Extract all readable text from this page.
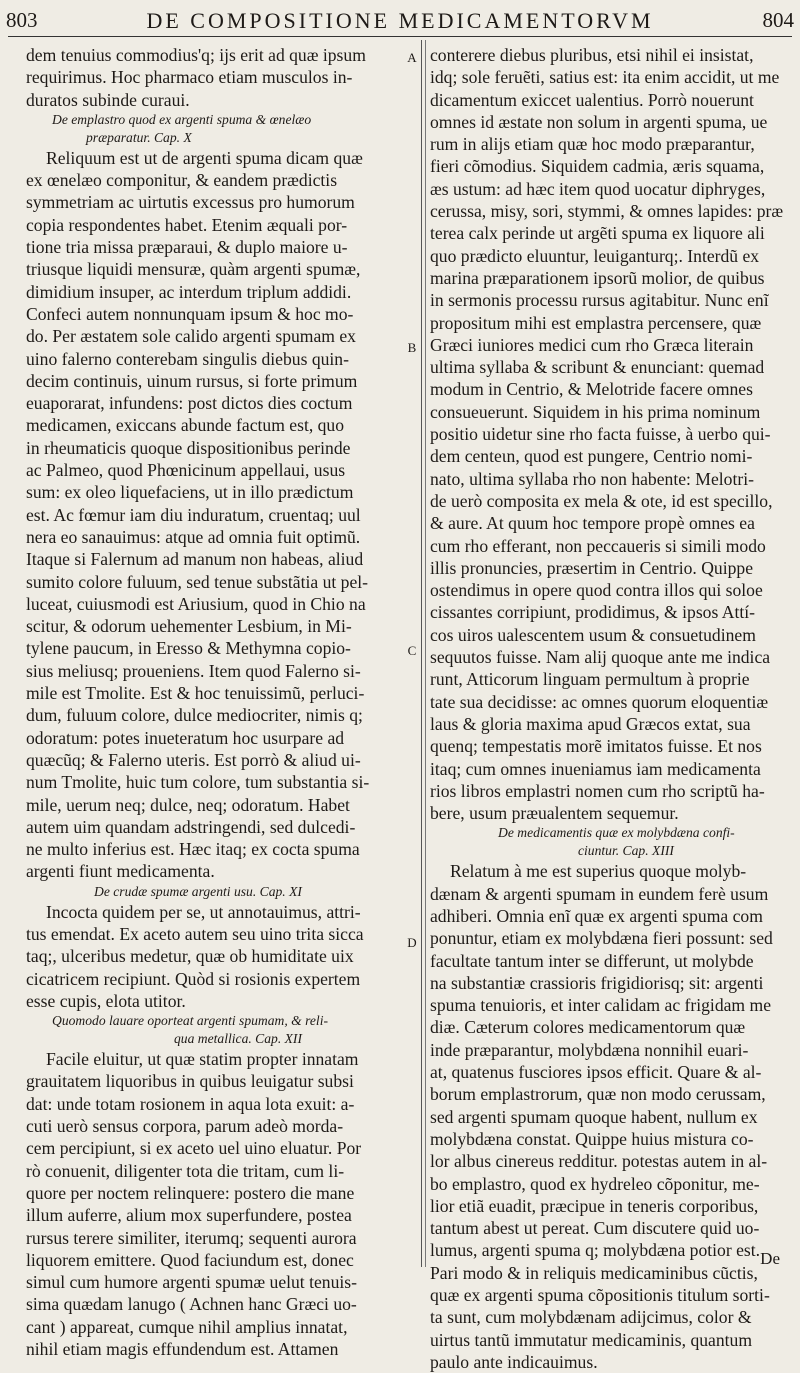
803	DE COMPOSITIONE MEDICAMENTORVM	804
dem tenuius commodius'q; ijs erit ad quæ ipsum
requirimus. Hoc pharmaco etiam musculos in-
duratos subinde curaui.
De emplastro quod ex argenti spuma & œnelæo
præparatur. Cap. X
Reliquum est ut de argenti spuma dicam quæ
ex œnelæo componitur, & eandem prædictis
symmetriam ac uirtutis excessus pro humorum
copia respondentes habet. Etenim æquali por-
tione tria missa præparaui, & duplo maiore u-
triusque liquidi mensuræ, quàm argenti spumæ,
dimidium insuper, ac interdum triplum addidi.
Confeci autem nonnunquam ipsum & hoc mo-
do. Per æstatem sole calido argenti spumam ex
uino falerno conterebam singulis diebus quin-
decim continuis, uinum rursus, si forte primum
euaporarat, infundens: post dictos dies coctum
medicamen, exiccans abunde factum est, quo
in rheumaticis quoque dispositionibus perinde
ac Palmeo, quod Phœnicinum appellaui, usus
sum: ex oleo liquefaciens, ut in illo prædictum
est. Ac fœmur iam diu induratum, cruentaq; uul
nera eo sanauimus: atque ad omnia fuit optimũ.
Itaque si Falernum ad manum non habeas, aliud
sumito colore fuluum, sed tenue substãtia ut pel-
luceat, cuiusmodi est Ariusium, quod in Chio na
scitur, & odorum uehementer Lesbium, in Mi-
tylene paucum, in Eresso & Methymna copio-
sius meliusq; proueniens. Item quod Falerno si-
mile est Tmolite. Est & hoc tenuissimũ, perluci-
dum, fuluum colore, dulce mediocriter, nimis q;
odoratum: potes inueteratum hoc usurpare ad
quæcũq; & Falerno uteris. Est porrò & aliud ui-
num Tmolite, huic tum colore, tum substantia si-
mile, uerum neq; dulce, neq; odoratum. Habet
autem uim quandam adstringendi, sed dulcedi-
ne multo inferius est. Hæc itaq; ex cocta spuma
argenti fiunt medicamenta.
De crudæ spumæ argenti usu. Cap. XI
Incocta quidem per se, ut annotauimus, attri-
tus emendat. Ex aceto autem seu uino trita sicca
taq;, ulceribus medetur, quæ ob humiditate uix
cicatricem recipiunt. Quòd si rosionis expertem
esse cupis, elota utitor.
Quomodo lauare oporteat argenti spumam, & reli-
qua metallica. Cap. XII
Facile eluitur, ut quæ statim propter innatam
grauitatem liquoribus in quibus leuigatur subsi
dat: unde totam rosionem in aqua lota exuit: a-
cuti uerò sensus corpora, parum adeò morda-
cem percipiunt, si ex aceto uel uino eluatur. Por
rò conuenit, diligenter tota die tritam, cum li-
quore per noctem relinquere: postero die mane
illum auferre, alium mox superfundere, postea
rursus terere similiter, iterumq; sequenti aurora
liquorem emittere. Quod faciundum est, donec
simul cum humore argenti spumæ uelut tenuis-
sima quædam lanugo ( Achnen hanc Græci uo-
cant ) appareat, cumque nihil amplius innatat,
nihil etiam magis effundendum est. Attamen
conterere diebus pluribus, etsi nihil ei insistat,
idq; sole feruẽti, satius est: ita enim accidit, ut me
dicamentum exiccet ualentius. Porrò nouerunt
omnes id æstate non solum in argenti spuma, ue
rum in alijs etiam quæ hoc modo præparantur,
fieri cõmodius. Siquidem cadmia, æris squama,
æs ustum: ad hæc item quod uocatur diphryges,
cerussa, misy, sori, stymmi, & omnes lapides: præ
terea calx perinde ut argẽti spuma ex liquore ali
quo prædicto eluuntur, leuiganturq;. Interdũ ex
marina præparationem ipsorũ molior, de quibus
in sermonis processu rursus agitabitur. Nunc enĩ
propositum mihi est emplastra percensere, quæ
Græci iuniores medici cum rho Græca literain
ultima syllaba & scribunt & enunciant: quemad
modum in Centrio, & Melotride facere omnes
consueuerunt. Siquidem in his prima nominum
positio uidetur sine rho facta fuisse, à uerbo qui-
dem centeιn, quod est pungere, Centrio nomi-
nato, ultima syllaba rho non habente: Melotri-
de uerò composita ex mela & ote, id est specillo,
& aure. At quum hoc tempore propè omnes ea
cum rho efferant, non peccaueris si simili modo
illis pronuncies, præsertim in Centrio. Quippe
ostendimus in opere quod contra illos qui soloe
cissantes corripiunt, prodidimus, & ipsos Attí-
cos uiros ualescentem usum & consuetudinem
sequutos fuisse. Nam alij quoque ante me indica
runt, Atticorum linguam permultum à proprie
tate sua decidisse: ac omnes quorum eloquentiæ
laus & gloria maxima apud Græcos extat, sua
quenq; tempestatis morẽ imitatos fuisse. Et nos
itaq; cum omnes inueniamus iam medicamenta
rios libros emplastri nomen cum rho scriptũ ha-
bere, usum præualentem sequemur.
De medicamentis quæ ex molybdæna confi-
ciuntur. Cap. XIII
Relatum à me est superius quoque molyb-
dænam & argenti spumam in eundem ferè usum
adhiberi. Omnia enĩ quæ ex argenti spuma com
ponuntur, etiam ex molybdæna fieri possunt: sed
facultate tantum inter se differunt, ut molybde
na substantiæ crassioris frigidiorisq; sit: argenti
spuma tenuioris, et inter calidam ac frigidam me
diæ. Cæterum colores medicamentorum quæ
inde præparantur, molybdæna nonnihil euari-
at, quatenus fusciores ipsos efficit. Quare & al-
borum emplastrorum, quæ non modo cerussam,
sed argenti spumam quoque habent, nullum ex
molybdæna constat. Quippe huius mistura co-
lor albus cinereus redditur. potestas autem in al-
bo emplastro, quod ex hydreleo cõponitur, me-
lior etiã euadit, præcipue in teneris corporibus,
tantum abest ut pereat. Cum discutere quid uo-
lumus, argenti spuma q; molybdæna potior est.
Pari modo & in reliquis medicaminibus cũctis,
quæ ex argenti spuma cõpositionis titulum sorti-
ta sunt, cum molybdænam adijcimus, color &
uirtus tantũ immutatur medicaminis, quantum
paulo ante indicauimus.
A
B
C
D
De
